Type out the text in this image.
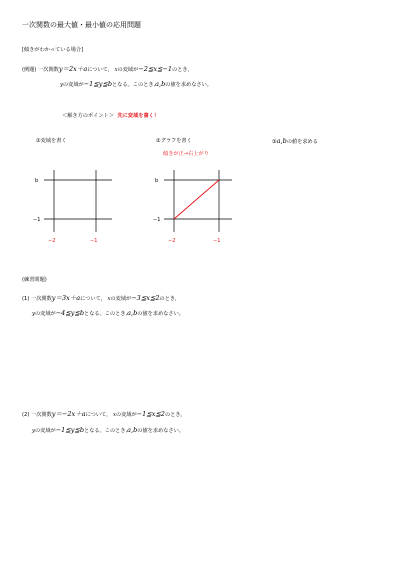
一次関数の最大値・最小値の応用問題
[傾きがわかっている場合]
(例題) 一次関数y＝2x＋aについて， xの変域が−2≦x≦−1のとき，
yの変域が−1≦y≦bとなる。このとき,a,bの値を求めなさい。
＜解き方のポイント＞ 先に変域を書く！
①変域を書く	②グラフを書く	③a,bの値を求める
傾きが正→右上がり
b
−1
−2	−1
b
−1
−2	−1
(練習問題)
(1) 一次関数y＝3x＋aについて， xの変域が−3≦x≦2のとき，
yの変域が−4≦y≦bとなる。このとき,a,bの値を求めなさい。
(2) 一次関数y＝−2x＋aについて， xの変域が−1≦x≦2のとき，
yの変域が−1≦y≦bとなる。このとき,a,bの値を求めなさい。
